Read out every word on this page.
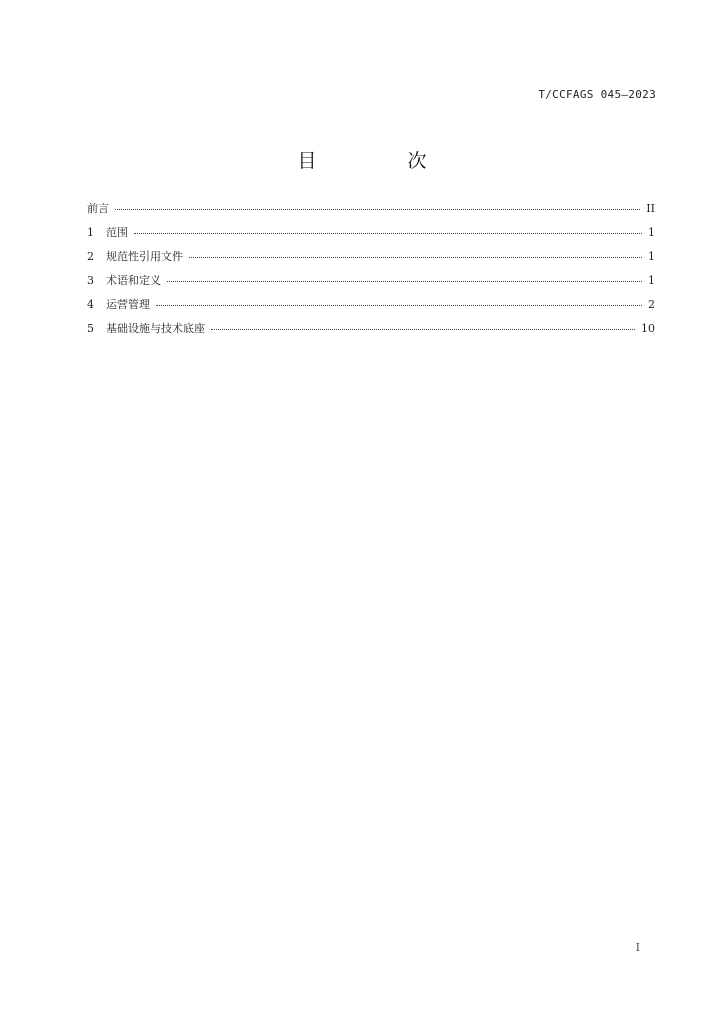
T/CCFAGS 045—2023
目　次
前言	II
1	范围	1
2	规范性引用文件	1
3	术语和定义	1
4	运营管理	2
5	基础设施与技术底座	10
I
